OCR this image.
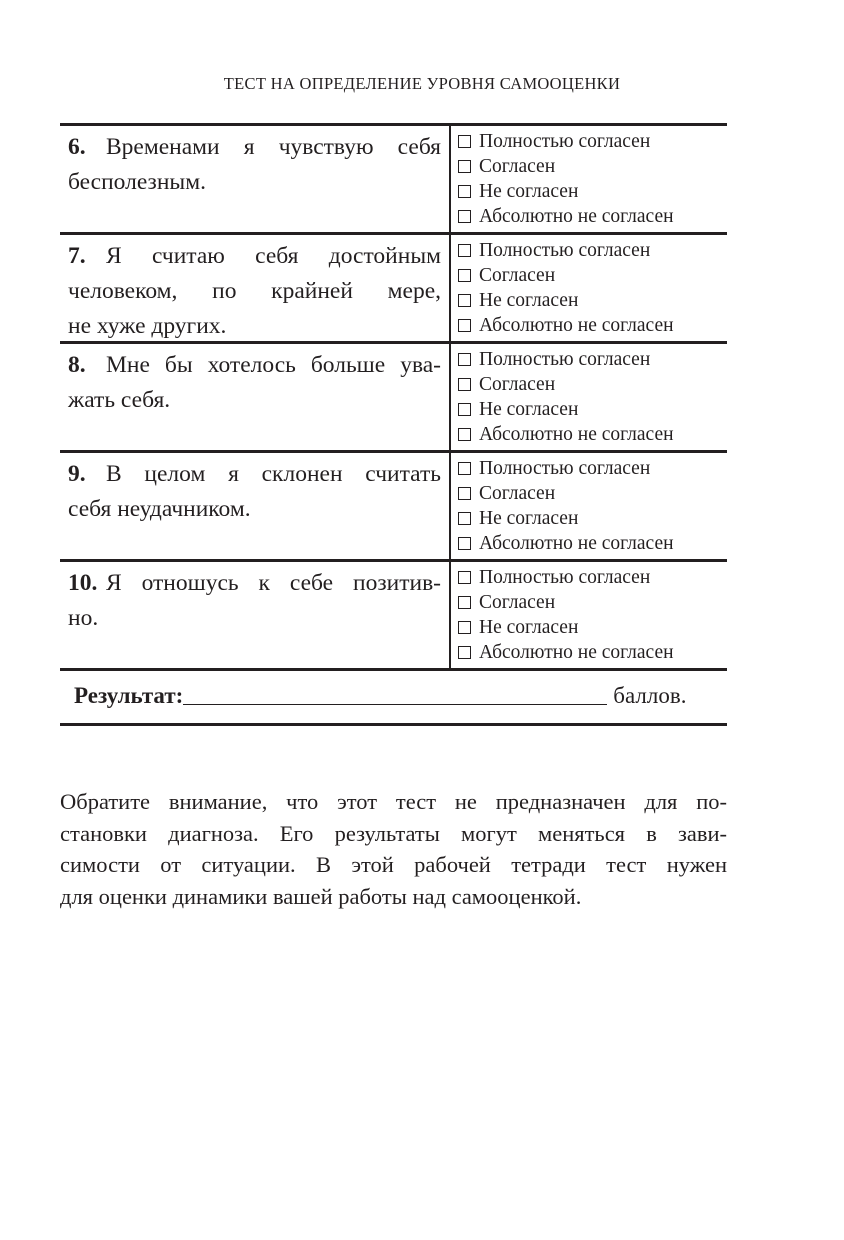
ТЕСТ НА ОПРЕДЕЛЕНИЕ УРОВНЯ САМООЦЕНКИ
6. Временами я чувствую себя
бесполезным.
Полностью согласен
Согласен
Не согласен
Абсолютно не согласен
7. Я считаю себя достойным
человеком, по крайней мере,
не хуже других.
Полностью согласен
Согласен
Не согласен
Абсолютно не согласен
8. Мне бы хотелось больше ува-
жать себя.
Полностью согласен
Согласен
Не согласен
Абсолютно не согласен
9. В целом я склонен считать
себя неудачником.
Полностью согласен
Согласен
Не согласен
Абсолютно не согласен
10. Я отношусь к себе позитив-
но.
Полностью согласен
Согласен
Не согласен
Абсолютно не согласен
Результат:	баллов.
Обратите внимание, что этот тест не предназначен для по-
становки диагноза. Его результаты могут меняться в зави-
симости от ситуации. В этой рабочей тетради тест нужен
для оценки динамики вашей работы над самооценкой.
